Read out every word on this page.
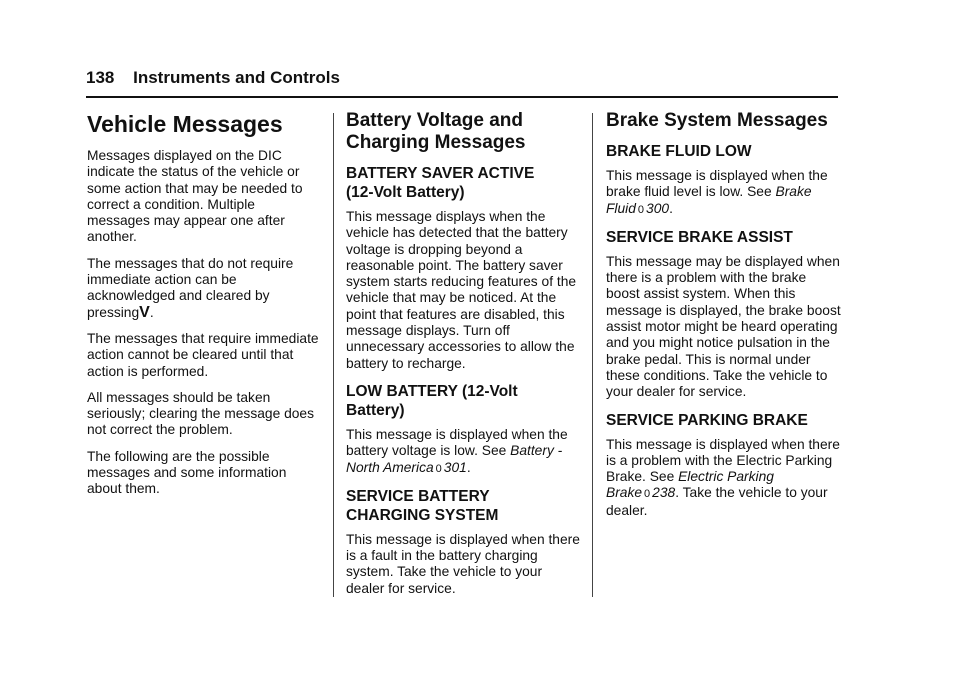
138 Instruments and Controls
Vehicle Messages

Messages displayed on the DIC indicate the status of the vehicle or some action that may be needed to correct a condition. Multiple messages may appear one after another.

The messages that do not require immediate action can be acknowledged and cleared by pressingV.

The messages that require immediate action cannot be cleared until that action is performed.

All messages should be taken seriously; clearing the message does not correct the problem.

The following are the possible messages and some information about them.

Battery Voltage and
Charging Messages
BATTERY SAVER ACTIVE
(12-Volt Battery)

This message displays when the vehicle has detected that the battery voltage is dropping beyond a reasonable point. The battery saver system starts reducing features of the vehicle that may be noticed. At the point that features are disabled, this message displays. Turn off unnecessary accessories to allow the battery to recharge.

LOW BATTERY (12-Volt
Battery)

This message is displayed when the battery voltage is low. See Battery - North America 0 301.

SERVICE BATTERY
CHARGING SYSTEM

This message is displayed when there is a fault in the battery charging system. Take the vehicle to your dealer for service.

Brake System Messages
BRAKE FLUID LOW

This message is displayed when the brake fluid level is low. See Brake Fluid 0 300.

SERVICE BRAKE ASSIST

This message may be displayed when there is a problem with the brake boost assist system. When this message is displayed, the brake boost assist motor might be heard operating and you might notice pulsation in the brake pedal. This is normal under these conditions. Take the vehicle to your dealer for service.

SERVICE PARKING BRAKE

This message is displayed when there is a problem with the Electric Parking Brake. See Electric Parking Brake 0 238. Take the vehicle to your dealer.
